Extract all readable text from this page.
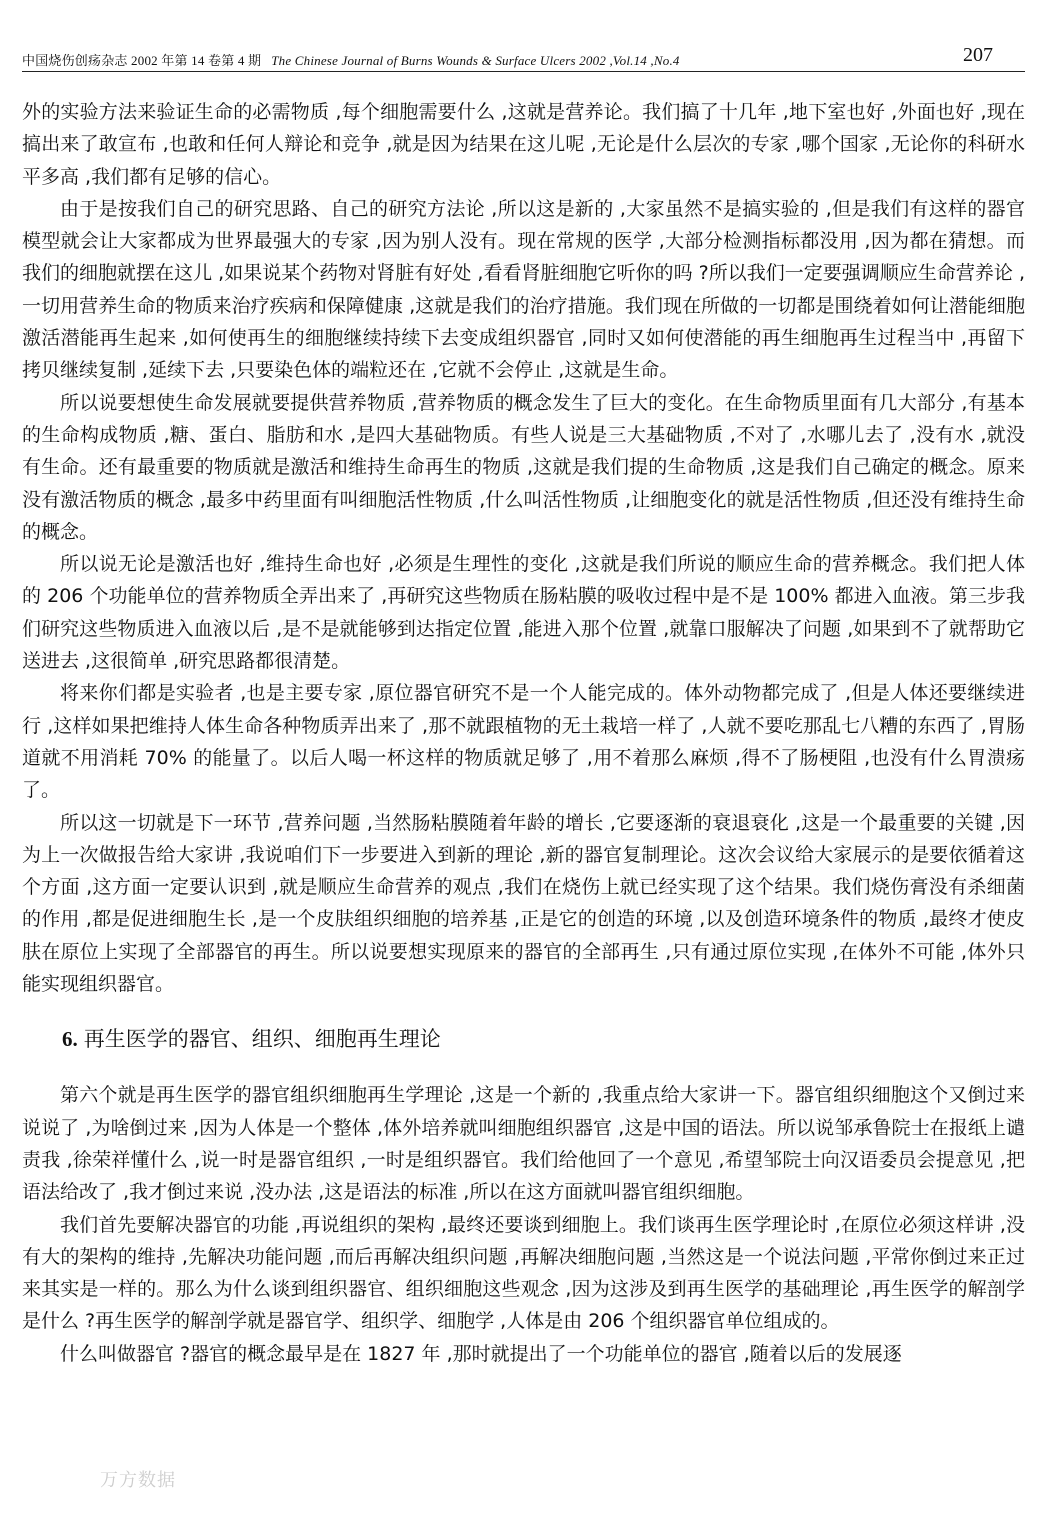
中国烧伤创疡杂志 2002 年第 14 卷第 4 期 The Chinese Journal of Burns Wounds & Surface Ulcers 2002 ,Vol.14 ,No.4	207

外的实验方法来验证生命的必需物质 ,每个细胞需要什么 ,这就是营养论。我们搞了十几年 ,地下室也好 ,外面也好 ,现在搞出来了敢宣布 ,也敢和任何人辩论和竞争 ,就是因为结果在这儿呢 ,无论是什么层次的专家 ,哪个国家 ,无论你的科研水平多高 ,我们都有足够的信心。

由于是按我们自己的研究思路、自己的研究方法论 ,所以这是新的 ,大家虽然不是搞实验的 ,但是我们有这样的器官模型就会让大家都成为世界最强大的专家 ,因为别人没有。现在常规的医学 ,大部分检测指标都没用 ,因为都在猜想。而我们的细胞就摆在这儿 ,如果说某个药物对肾脏有好处 ,看看肾脏细胞它听你的吗 ?所以我们一定要强调顺应生命营养论 ,一切用营养生命的物质来治疗疾病和保障健康 ,这就是我们的治疗措施。我们现在所做的一切都是围绕着如何让潜能细胞激活潜能再生起来 ,如何使再生的细胞继续持续下去变成组织器官 ,同时又如何使潜能的再生细胞再生过程当中 ,再留下拷贝继续复制 ,延续下去 ,只要染色体的端粒还在 ,它就不会停止 ,这就是生命。

所以说要想使生命发展就要提供营养物质 ,营养物质的概念发生了巨大的变化。在生命物质里面有几大部分 ,有基本的生命构成物质 ,糖、蛋白、脂肪和水 ,是四大基础物质。有些人说是三大基础物质 ,不对了 ,水哪儿去了 ,没有水 ,就没有生命。还有最重要的物质就是激活和维持生命再生的物质 ,这就是我们提的生命物质 ,这是我们自己确定的概念。原来没有激活物质的概念 ,最多中药里面有叫细胞活性物质 ,什么叫活性物质 ,让细胞变化的就是活性物质 ,但还没有维持生命的概念。

所以说无论是激活也好 ,维持生命也好 ,必须是生理性的变化 ,这就是我们所说的顺应生命的营养概念。我们把人体的 206 个功能单位的营养物质全弄出来了 ,再研究这些物质在肠粘膜的吸收过程中是不是 100% 都进入血液。第三步我们研究这些物质进入血液以后 ,是不是就能够到达指定位置 ,能进入那个位置 ,就靠口服解决了问题 ,如果到不了就帮助它送进去 ,这很简单 ,研究思路都很清楚。

将来你们都是实验者 ,也是主要专家 ,原位器官研究不是一个人能完成的。体外动物都完成了 ,但是人体还要继续进行 ,这样如果把维持人体生命各种物质弄出来了 ,那不就跟植物的无土栽培一样了 ,人就不要吃那乱七八糟的东西了 ,胃肠道就不用消耗 70% 的能量了。以后人喝一杯这样的物质就足够了 ,用不着那么麻烦 ,得不了肠梗阻 ,也没有什么胃溃疡了。

所以这一切就是下一环节 ,营养问题 ,当然肠粘膜随着年龄的增长 ,它要逐渐的衰退衰化 ,这是一个最重要的关键 ,因为上一次做报告给大家讲 ,我说咱们下一步要进入到新的理论 ,新的器官复制理论。这次会议给大家展示的是要依循着这个方面 ,这方面一定要认识到 ,就是顺应生命营养的观点 ,我们在烧伤上就已经实现了这个结果。我们烧伤膏没有杀细菌的作用 ,都是促进细胞生长 ,是一个皮肤组织细胞的培养基 ,正是它的创造的环境 ,以及创造环境条件的物质 ,最终才使皮肤在原位上实现了全部器官的再生。所以说要想实现原来的器官的全部再生 ,只有通过原位实现 ,在体外不可能 ,体外只能实现组织器官。

6. 再生医学的器官、组织、细胞再生理论

第六个就是再生医学的器官组织细胞再生学理论 ,这是一个新的 ,我重点给大家讲一下。器官组织细胞这个又倒过来说说了 ,为啥倒过来 ,因为人体是一个整体 ,体外培养就叫细胞组织器官 ,这是中国的语法。所以说邹承鲁院士在报纸上谴责我 ,徐荣祥懂什么 ,说一时是器官组织 ,一时是组织器官。我们给他回了一个意见 ,希望邹院士向汉语委员会提意见 ,把语法给改了 ,我才倒过来说 ,没办法 ,这是语法的标准 ,所以在这方面就叫器官组织细胞。

我们首先要解决器官的功能 ,再说组织的架构 ,最终还要谈到细胞上。我们谈再生医学理论时 ,在原位必须这样讲 ,没有大的架构的维持 ,先解决功能问题 ,而后再解决组织问题 ,再解决细胞问题 ,当然这是一个说法问题 ,平常你倒过来正过来其实是一样的。那么为什么谈到组织器官、组织细胞这些观念 ,因为这涉及到再生医学的基础理论 ,再生医学的解剖学是什么 ?再生医学的解剖学就是器官学、组织学、细胞学 ,人体是由 206 个组织器官单位组成的。

什么叫做器官 ?器官的概念最早是在 1827 年 ,那时就提出了一个功能单位的器官 ,随着以后的发展逐

万方数据
